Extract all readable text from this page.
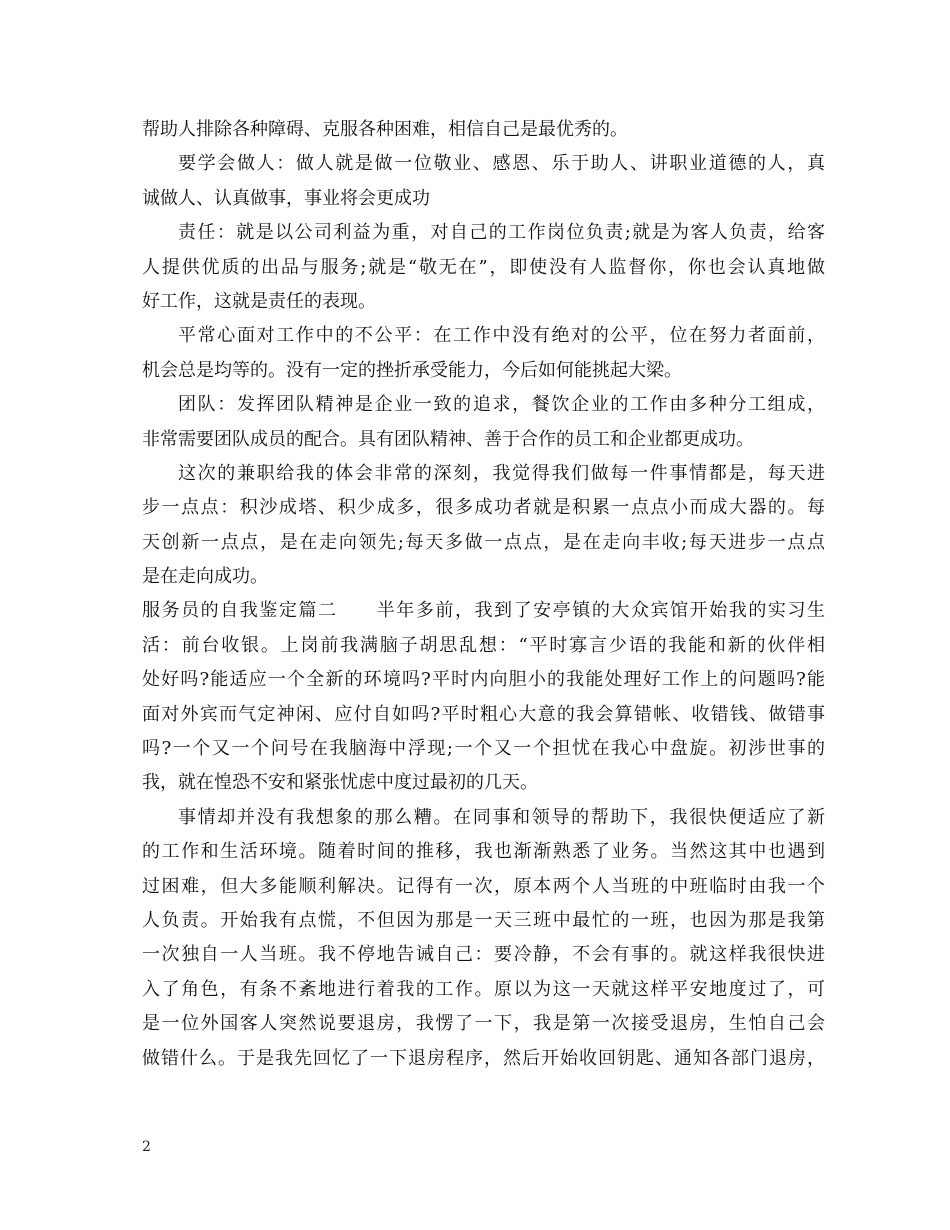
帮助人排除各种障碍、克服各种困难，相信自己是最优秀的。
要学会做人：做人就是做一位敬业、感恩、乐于助人、讲职业道德的人，真
诚做人、认真做事，事业将会更成功
责任：就是以公司利益为重，对自己的工作岗位负责;就是为客人负责，给客
人提供优质的出品与服务;就是“敬无在”，即使没有人监督你，你也会认真地做
好工作，这就是责任的表现。
平常心面对工作中的不公平：在工作中没有绝对的公平，位在努力者面前，
机会总是均等的。没有一定的挫折承受能力，今后如何能挑起大梁。
团队：发挥团队精神是企业一致的追求，餐饮企业的工作由多种分工组成，
非常需要团队成员的配合。具有团队精神、善于合作的员工和企业都更成功。
这次的兼职给我的体会非常的深刻，我觉得我们做每一件事情都是，每天进
步一点点：积沙成塔、积少成多，很多成功者就是积累一点点小而成大器的。每
天创新一点点，是在走向领先;每天多做一点点，是在走向丰收;每天进步一点点
是在走向成功。
服务员的自我鉴定篇二　　半年多前，我到了安亭镇的大众宾馆开始我的实习生
活：前台收银。上岗前我满脑子胡思乱想：“平时寡言少语的我能和新的伙伴相
处好吗?能适应一个全新的环境吗?平时内向胆小的我能处理好工作上的问题吗?能
面对外宾而气定神闲、应付自如吗?平时粗心大意的我会算错帐、收错钱、做错事
吗?一个又一个问号在我脑海中浮现;一个又一个担忧在我心中盘旋。初涉世事的
我，就在惶恐不安和紧张忧虑中度过最初的几天。
事情却并没有我想象的那么糟。在同事和领导的帮助下，我很快便适应了新
的工作和生活环境。随着时间的推移，我也渐渐熟悉了业务。当然这其中也遇到
过困难，但大多能顺利解决。记得有一次，原本两个人当班的中班临时由我一个
人负责。开始我有点慌，不但因为那是一天三班中最忙的一班，也因为那是我第
一次独自一人当班。我不停地告诫自己：要冷静，不会有事的。就这样我很快进
入了角色，有条不紊地进行着我的工作。原以为这一天就这样平安地度过了，可
是一位外国客人突然说要退房，我愣了一下，我是第一次接受退房，生怕自己会
做错什么。于是我先回忆了一下退房程序，然后开始收回钥匙、通知各部门退房，
2
